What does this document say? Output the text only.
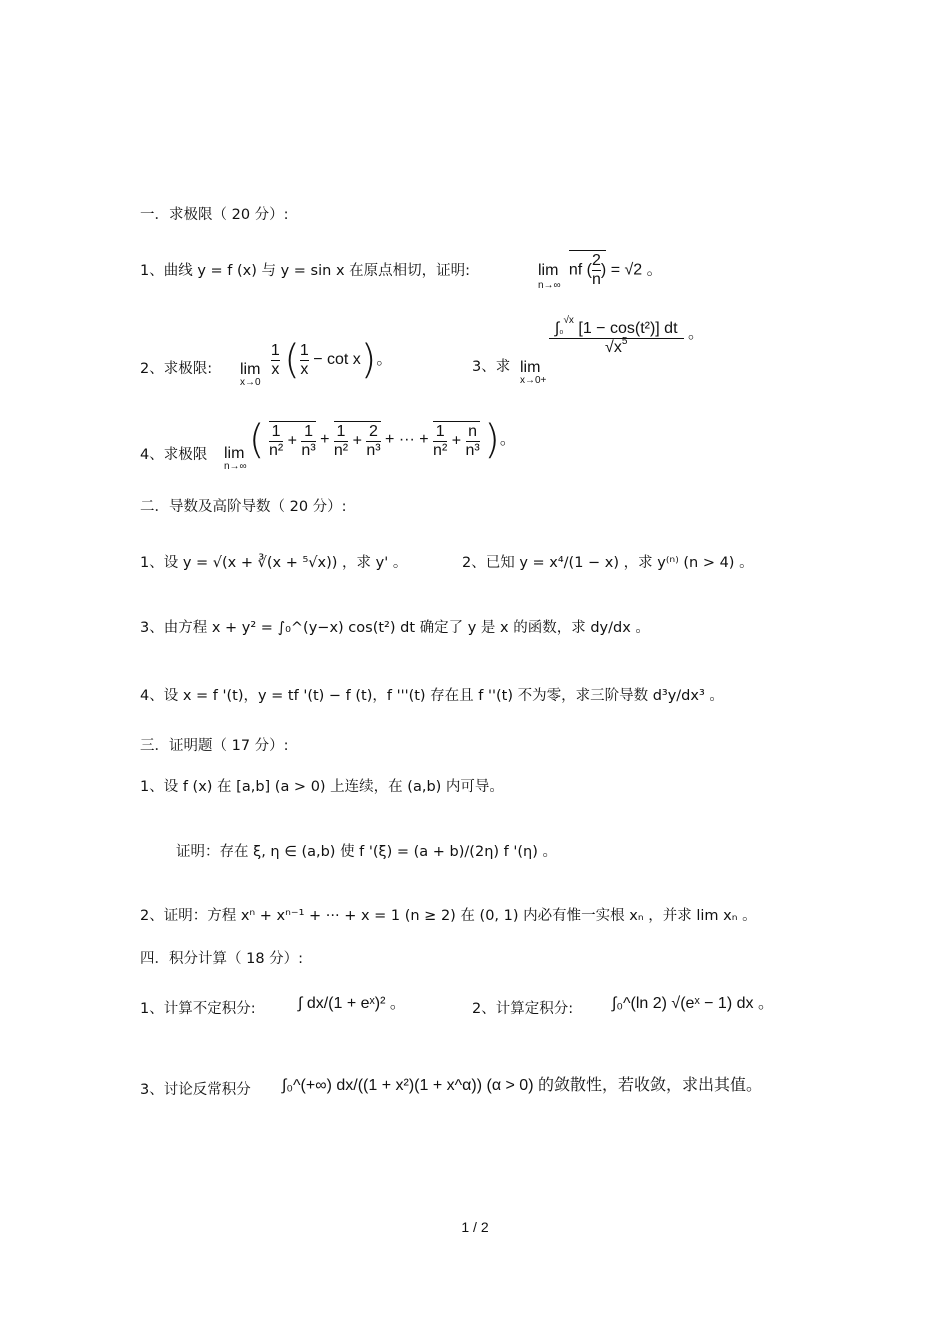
一．求极限（ 20 分）:
1、曲线 y = f (x) 与 y = sin x 在原点相切，证明:	lim
n→∞
nf ( $\frac{2}{n}$ ) = √2 。
2、求极限: lim
x→0

$\frac{1}{x}$ ( $\frac{1}{x} - \cot x$)。	3、求 lim
x→0+

$\frac{\int_0^{√x} [1 - \cos(t^2)] dt}{√x^5}$ 。
4、求极限 lim
n→∞
( $\frac{1}{\text{n²}} + \frac{1}{\text{n³}} + \frac{1}{\text{n²}} + \frac{2}{\text{n³}}$ + ··· + $\frac{1}{\text{n²}} + \frac{n}{\text{n³}}$ )。
二．导数及高阶导数（ 20 分）:
1、设 y = √(x + ∛(x + ⁵√x)) ，求 y' 。	2、已知 y = x⁴/(1 − x) ，求 y⁽ⁿ⁾ (n > 4) 。
3、由方程 x + y² = ∫₀^(y−x) cos(t²) dt 确定了 y 是 x 的函数，求 dy/dx 。
4、设 x = f '(t)，y = tf '(t) − f (t)，f '''(t) 存在且 f ''(t) 不为零，求三阶导数 d³y/dx³ 。
三．证明题（ 17 分）:
1、设 f (x) 在 [a,b] (a > 0) 上连续，在 (a,b) 内可导。
证明：存在 ξ, η ∈ (a,b) 使 f '(ξ) = (a + b)/(2η) f '(η) 。
2、证明：方程 xⁿ + xⁿ⁻¹ + ··· + x = 1 (n ≥ 2) 在 (0, 1) 内必有惟一实根 xₙ ，并求 lim xₙ 。
四．积分计算（ 18 分）:
1、计算不定积分:	∫ dx/(1 + eˣ)² 。	2、计算定积分: ∫₀^(ln 2) √(eˣ − 1) dx 。
3、讨论反常积分 ∫₀^(+∞) dx/((1 + x²)(1 + x^α)) (α > 0) 的敛散性，若收敛，求出其值。
1 / 2
